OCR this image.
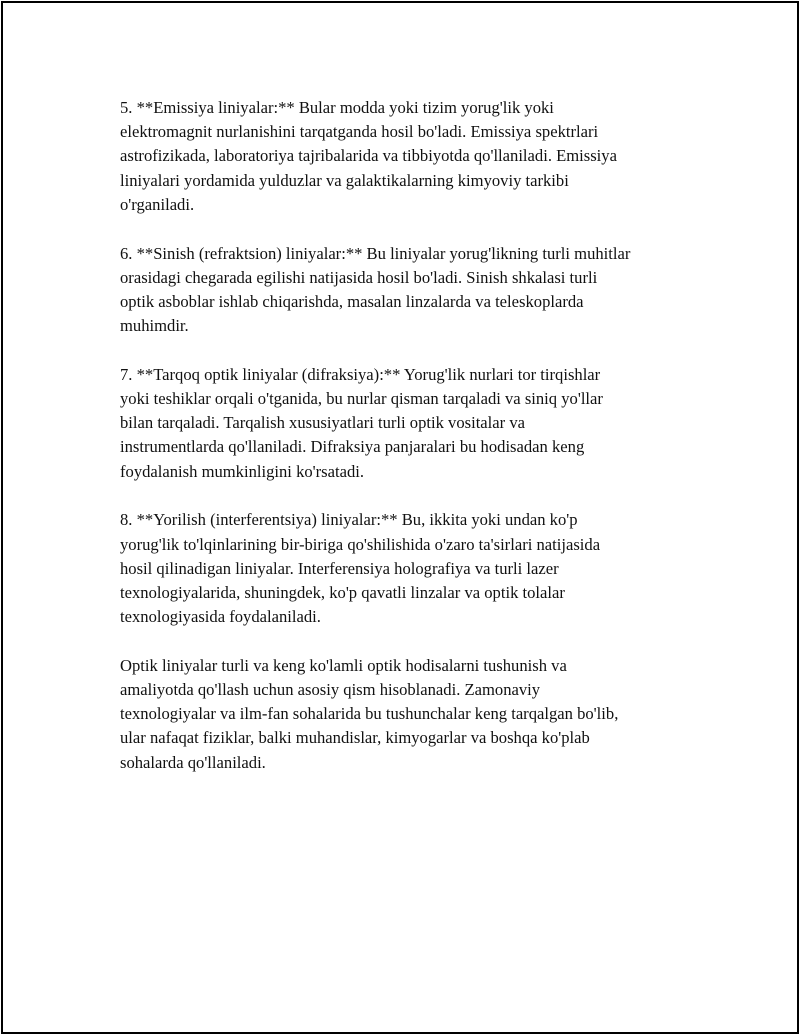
5. **Emissiya liniyalar:** Bular modda yoki tizim yorug'lik yoki
elektromagnit nurlanishini tarqatganda hosil bo'ladi. Emissiya spektrlari
astrofizikada, laboratoriya tajribalarida va tibbiyotda qo'llaniladi. Emissiya
liniyalari yordamida yulduzlar va galaktikalarning kimyoviy tarkibi
o'rganiladi.

6. **Sinish (refraktsion) liniyalar:** Bu liniyalar yorug'likning turli muhitlar
orasidagi chegarada egilishi natijasida hosil bo'ladi. Sinish shkalasi turli
optik asboblar ishlab chiqarishda, masalan linzalarda va teleskoplarda
muhimdir.

7. **Tarqoq optik liniyalar (difraksiya):** Yorug'lik nurlari tor tirqishlar
yoki teshiklar orqali o'tganida, bu nurlar qisman tarqaladi va siniq yo'llar
bilan tarqaladi. Tarqalish xususiyatlari turli optik vositalar va
instrumentlarda qo'llaniladi. Difraksiya panjaralari bu hodisadan keng
foydalanish mumkinligini ko'rsatadi.

8. **Yorilish (interferentsiya) liniyalar:** Bu, ikkita yoki undan ko'p
yorug'lik to'lqinlarining bir-biriga qo'shilishida o'zaro ta'sirlari natijasida
hosil qilinadigan liniyalar. Interferensiya holografiya va turli lazer
texnologiyalarida, shuningdek, ko'p qavatli linzalar va optik tolalar
texnologiyasida foydalaniladi.

Optik liniyalar turli va keng ko'lamli optik hodisalarni tushunish va
amaliyotda qo'llash uchun asosiy qism hisoblanadi. Zamonaviy
texnologiyalar va ilm-fan sohalarida bu tushunchalar keng tarqalgan bo'lib,
ular nafaqat fiziklar, balki muhandislar, kimyogarlar va boshqa ko'plab
sohalarda qo'llaniladi.
